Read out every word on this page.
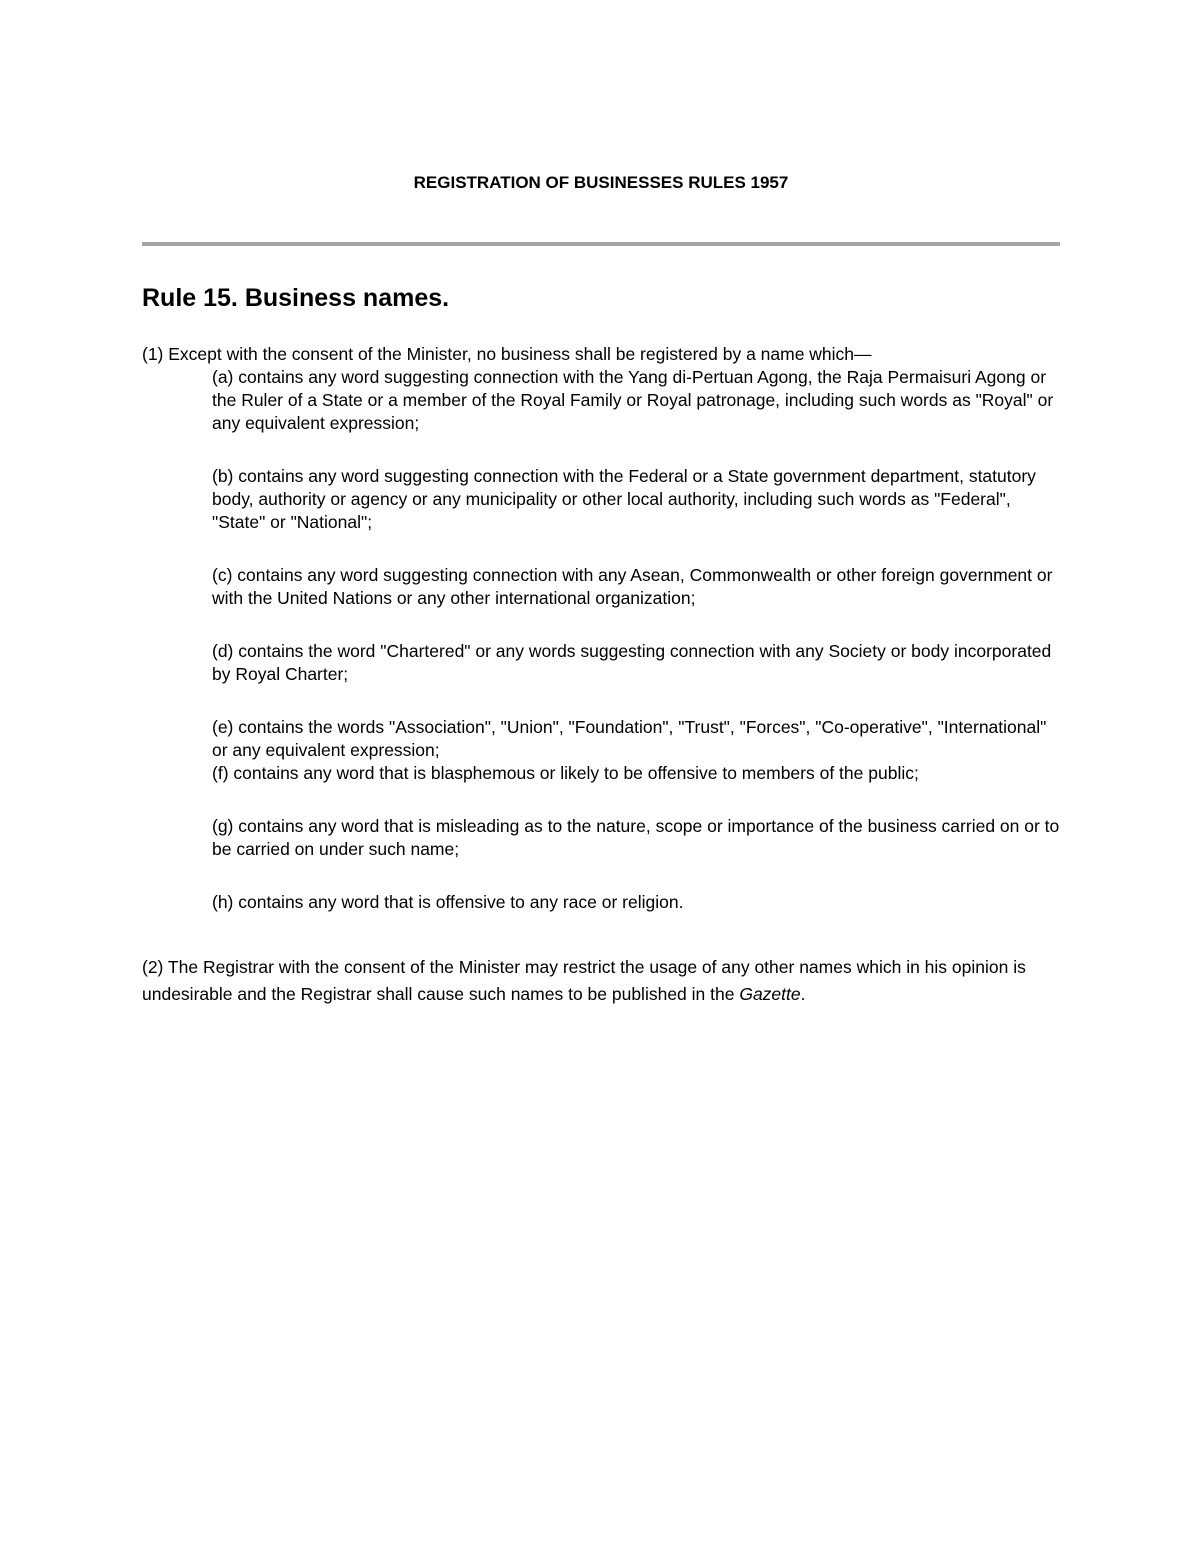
REGISTRATION OF BUSINESSES RULES 1957
Rule 15. Business names.

(1) Except with the consent of the Minister, no business shall be registered by a name which—

(a) contains any word suggesting connection with the Yang di-Pertuan Agong, the Raja Permaisuri Agong or the Ruler of a State or a member of the Royal Family or Royal patronage, including such words as "Royal" or any equivalent expression;

(b) contains any word suggesting connection with the Federal or a State government department, statutory body, authority or agency or any municipality or other local authority, including such words as "Federal", "State" or "National";

(c) contains any word suggesting connection with any Asean, Commonwealth or other foreign government or with the United Nations or any other international organization;

(d) contains the word "Chartered" or any words suggesting connection with any Society or body incorporated by Royal Charter;

(e) contains the words "Association", "Union", "Foundation", "Trust", "Forces", "Co-operative", "International" or any equivalent expression;

(f) contains any word that is blasphemous or likely to be offensive to members of the public;

(g) contains any word that is misleading as to the nature, scope or importance of the business carried on or to be carried on under such name;

(h) contains any word that is offensive to any race or religion.

(2) The Registrar with the consent of the Minister may restrict the usage of any other names which in his opinion is undesirable and the Registrar shall cause such names to be published in the Gazette.
